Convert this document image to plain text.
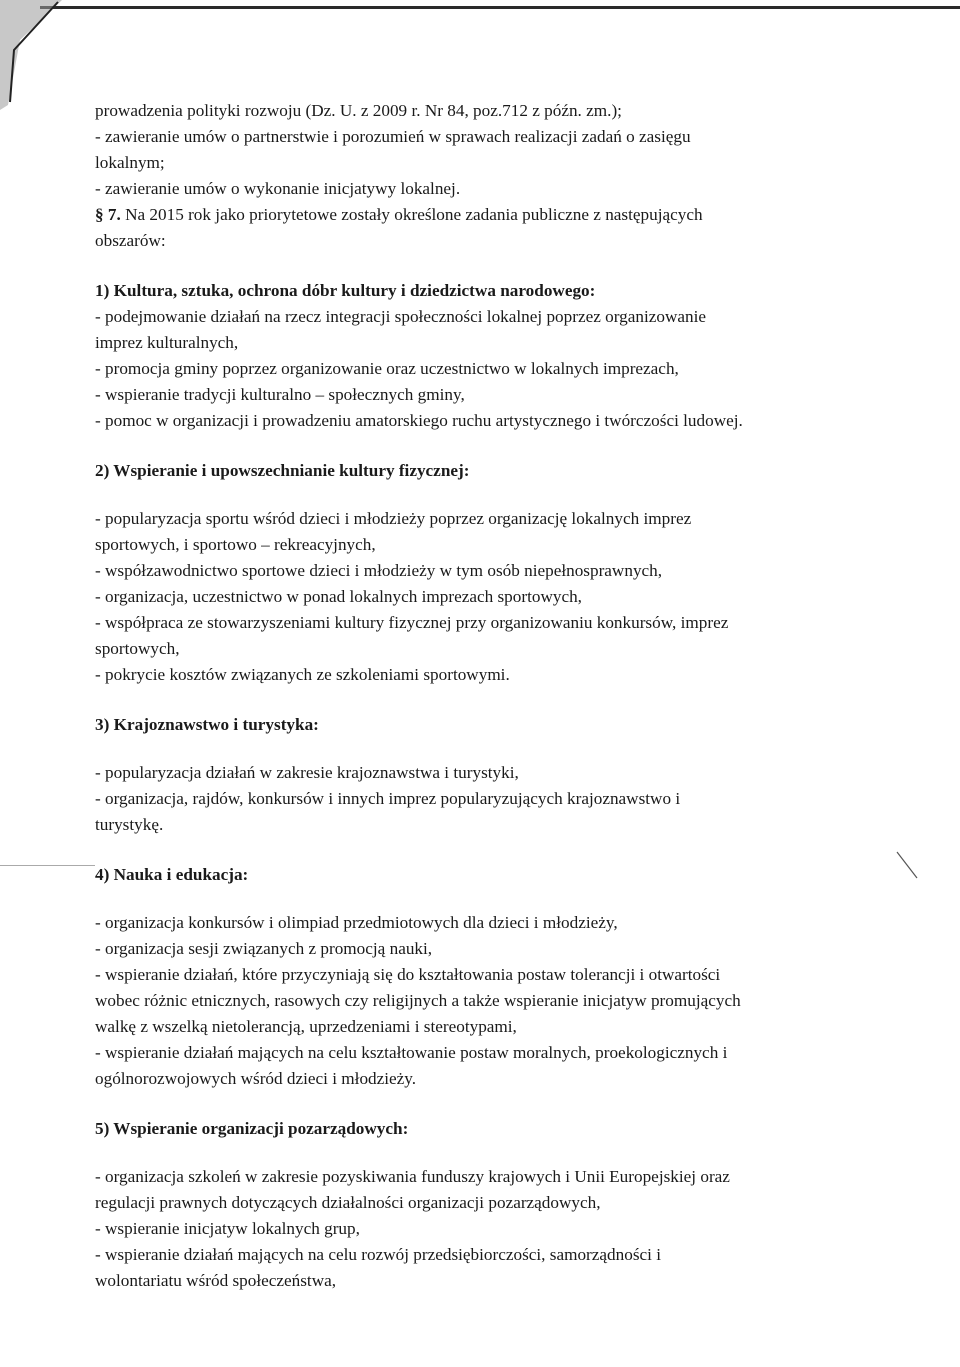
prowadzenia polityki rozwoju (Dz. U. z 2009 r. Nr 84, poz.712 z późn. zm.);
- zawieranie umów o partnerstwie i porozumień w sprawach realizacji zadań o zasięgu
lokalnym;
- zawieranie umów o wykonanie inicjatywy lokalnej.
§ 7. Na 2015 rok jako priorytetowe zostały określone zadania publiczne z następujących
obszarów:
1) Kultura, sztuka, ochrona dóbr kultury i dziedzictwa narodowego:
- podejmowanie działań na rzecz integracji społeczności lokalnej poprzez organizowanie
imprez kulturalnych,
- promocja gminy poprzez organizowanie oraz uczestnictwo w lokalnych imprezach,
- wspieranie tradycji kulturalno – społecznych gminy,
- pomoc w organizacji i prowadzeniu amatorskiego ruchu artystycznego i twórczości ludowej.
2) Wspieranie i upowszechnianie kultury fizycznej:
- popularyzacja sportu wśród dzieci i młodzieży poprzez organizację lokalnych imprez
sportowych, i sportowo – rekreacyjnych,
- współzawodnictwo sportowe dzieci i młodzieży w tym osób niepełnosprawnych,
- organizacja, uczestnictwo w ponad lokalnych imprezach sportowych,
- współpraca ze stowarzyszeniami kultury fizycznej przy organizowaniu konkursów, imprez
sportowych,
- pokrycie kosztów związanych ze szkoleniami sportowymi.
3) Krajoznawstwo i turystyka:
- popularyzacja działań w zakresie krajoznawstwa i turystyki,
- organizacja, rajdów, konkursów i innych imprez popularyzujących krajoznawstwo i
turystykę.
4) Nauka i edukacja:
- organizacja konkursów i olimpiad przedmiotowych dla dzieci i młodzieży,
- organizacja sesji związanych z promocją nauki,
- wspieranie działań, które przyczyniają się do kształtowania postaw tolerancji i otwartości
wobec różnic etnicznych, rasowych czy religijnych a także wspieranie inicjatyw promujących
walkę z wszelką nietolerancją, uprzedzeniami i stereotypami,
- wspieranie działań mających na celu kształtowanie postaw moralnych, proekologicznych i
ogólnorozwojowych wśród dzieci i młodzieży.
5) Wspieranie organizacji pozarządowych:
- organizacja szkoleń w zakresie pozyskiwania funduszy krajowych i Unii Europejskiej oraz
regulacji prawnych dotyczących działalności organizacji pozarządowych,
- wspieranie inicjatyw lokalnych grup,
- wspieranie działań mających na celu rozwój przedsiębiorczości, samorządności i
wolontariatu wśród społeczeństwa,
